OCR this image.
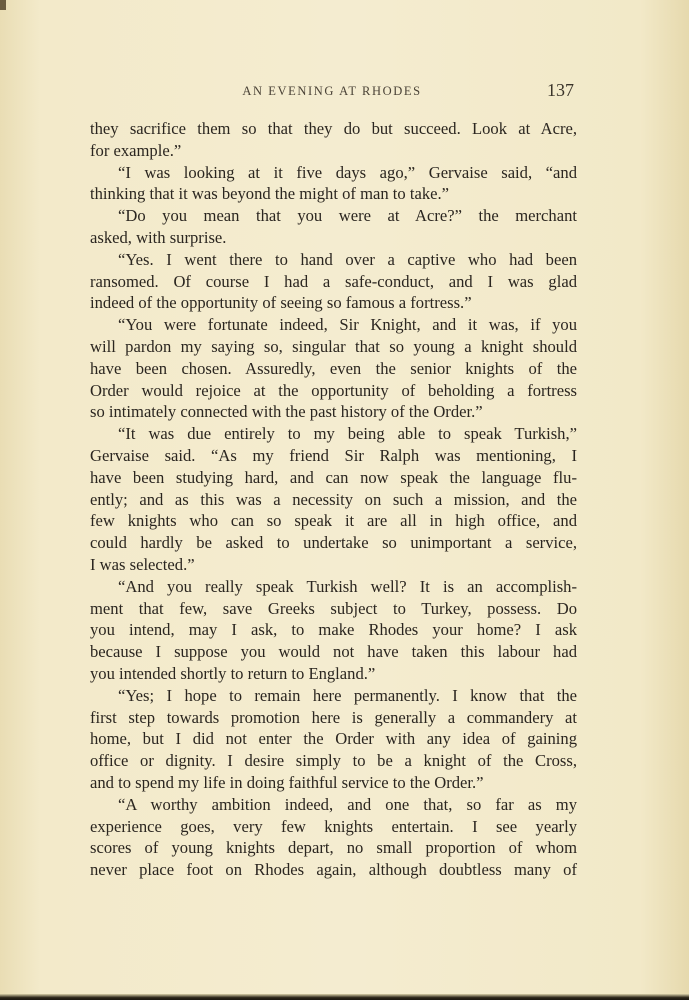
AN EVENING AT RHODES	137
they sacrifice them so that they do but succeed. Look at Acre,
for example.”
“I was looking at it five days ago,” Gervaise said, “and
thinking that it was beyond the might of man to take.”
“Do you mean that you were at Acre?” the merchant
asked, with surprise.
“Yes. I went there to hand over a captive who had been
ransomed. Of course I had a safe-conduct, and I was glad
indeed of the opportunity of seeing so famous a fortress.”
“You were fortunate indeed, Sir Knight, and it was, if you
will pardon my saying so, singular that so young a knight should
have been chosen. Assuredly, even the senior knights of the
Order would rejoice at the opportunity of beholding a fortress
so intimately connected with the past history of the Order.”
“It was due entirely to my being able to speak Turkish,”
Gervaise said. “As my friend Sir Ralph was mentioning, I
have been studying hard, and can now speak the language flu-
ently; and as this was a necessity on such a mission, and the
few knights who can so speak it are all in high office, and
could hardly be asked to undertake so unimportant a service,
I was selected.”
“And you really speak Turkish well? It is an accomplish-
ment that few, save Greeks subject to Turkey, possess. Do
you intend, may I ask, to make Rhodes your home? I ask
because I suppose you would not have taken this labour had
you intended shortly to return to England.”
“Yes; I hope to remain here permanently. I know that the
first step towards promotion here is generally a commandery at
home, but I did not enter the Order with any idea of gaining
office or dignity. I desire simply to be a knight of the Cross,
and to spend my life in doing faithful service to the Order.”
“A worthy ambition indeed, and one that, so far as my
experience goes, very few knights entertain. I see yearly
scores of young knights depart, no small proportion of whom
never place foot on Rhodes again, although doubtless many of
